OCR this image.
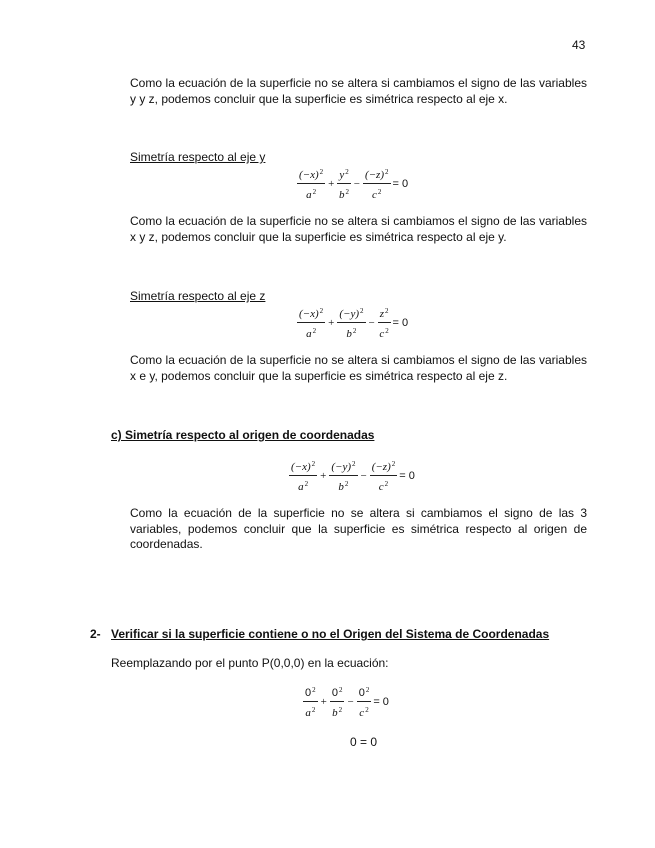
43

Como la ecuación de la superficie no se altera si cambiamos el signo de las variables y y z, podemos concluir que la superficie es simétrica respecto al eje x.

Simetría respecto al eje y

$\frac{(-x)^2}{a^2} + \frac{y^2}{b^2} - \frac{(-z)^2}{c^2} = 0$

Como la ecuación de la superficie no se altera si cambiamos el signo de las variables x y z, podemos concluir que la superficie es simétrica respecto al eje y.

Simetría respecto al eje z

$\frac{(-x)^2}{a^2} + \frac{(-y)^2}{b^2} - \frac{z^2}{c^2} = 0$

Como la ecuación de la superficie no se altera si cambiamos el signo de las variables x e y, podemos concluir que la superficie es simétrica respecto al eje z.

c) Simetría respecto al origen de coordenadas

$\frac{(-x)^2}{a^2} + \frac{(-y)^2}{b^2} - \frac{(-z)^2}{c^2} = 0$

Como la ecuación de la superficie no se altera si cambiamos el signo de las 3 variables, podemos concluir que la superficie es simétrica respecto al origen de coordenadas.

2- Verificar si la superficie contiene o no el Origen del Sistema de Coordenadas

Reemplazando por el punto P(0,0,0) en la ecuación:

$\frac{0^2}{a^2} + \frac{0^2}{b^2} - \frac{0^2}{c^2} = 0$
0 = 0
